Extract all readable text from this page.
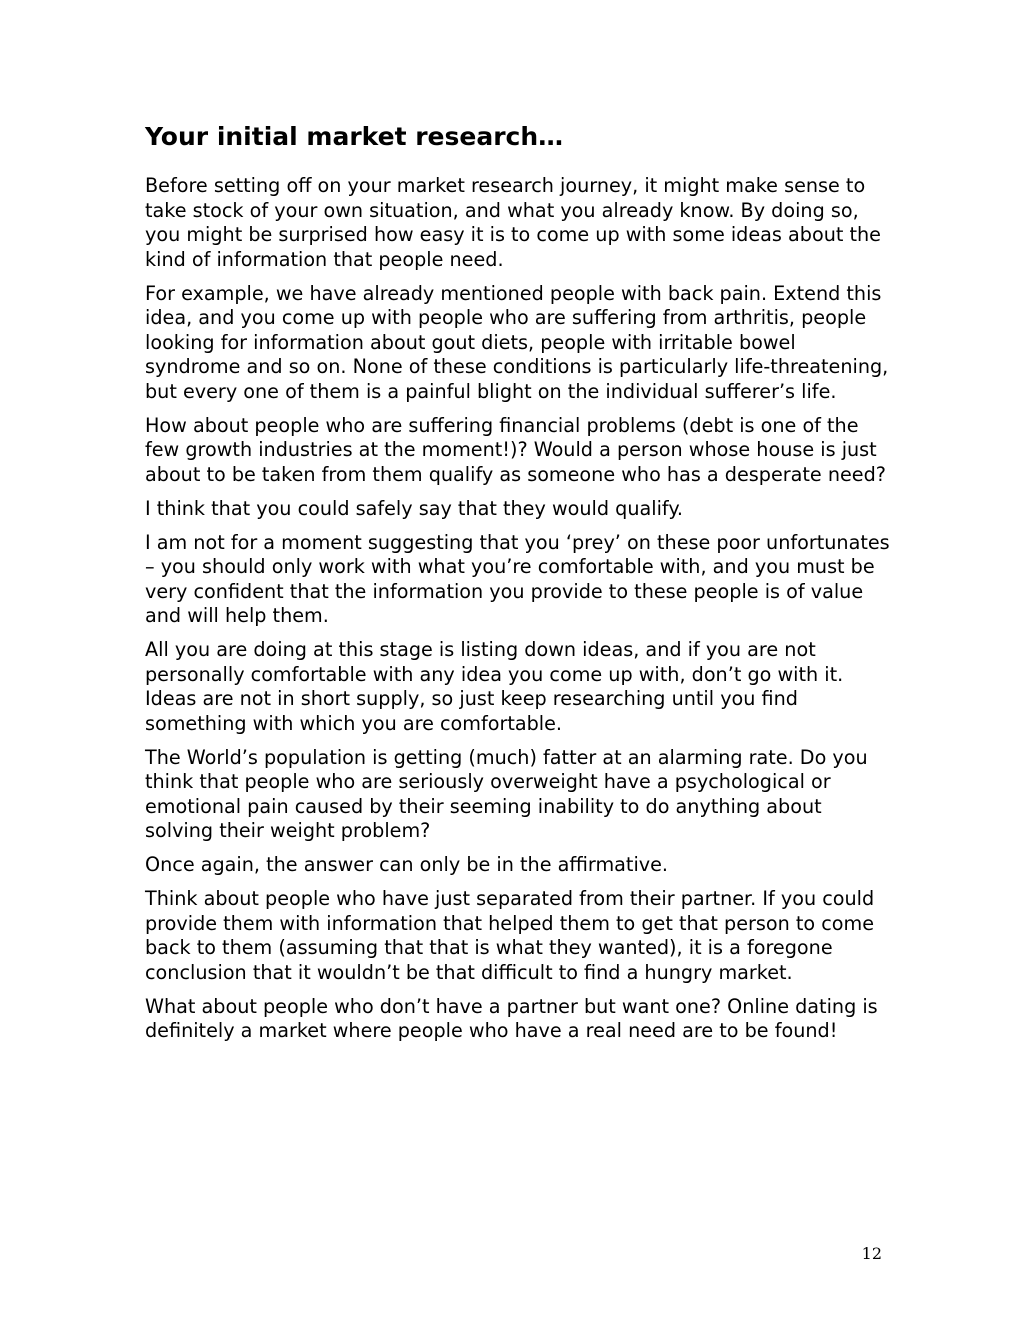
Your initial market research…

Before setting off on your market research journey, it might make sense to take stock of your own situation, and what you already know. By doing so, you might be surprised how easy it is to come up with some ideas about the kind of information that people need.

For example, we have already mentioned people with back pain. Extend this idea, and you come up with people who are suffering from arthritis, people looking for information about gout diets, people with irritable bowel syndrome and so on. None of these conditions is particularly life-threatening, but every one of them is a painful blight on the individual sufferer’s life.

How about people who are suffering financial problems (debt is one of the few growth industries at the moment!)? Would a person whose house is just about to be taken from them qualify as someone who has a desperate need?

I think that you could safely say that they would qualify.

I am not for a moment suggesting that you ‘prey’ on these poor unfortunates – you should only work with what you’re comfortable with, and you must be very confident that the information you provide to these people is of value and will help them.

All you are doing at this stage is listing down ideas, and if you are not personally comfortable with any idea you come up with, don’t go with it. Ideas are not in short supply, so just keep researching until you find something with which you are comfortable.

The World’s population is getting (much) fatter at an alarming rate. Do you think that people who are seriously overweight have a psychological or emotional pain caused by their seeming inability to do anything about solving their weight problem?

Once again, the answer can only be in the affirmative.

Think about people who have just separated from their partner. If you could provide them with information that helped them to get that person to come back to them (assuming that that is what they wanted), it is a foregone conclusion that it wouldn’t be that difficult to find a hungry market.

What about people who don’t have a partner but want one? Online dating is definitely a market where people who have a real need are to be found!

12
